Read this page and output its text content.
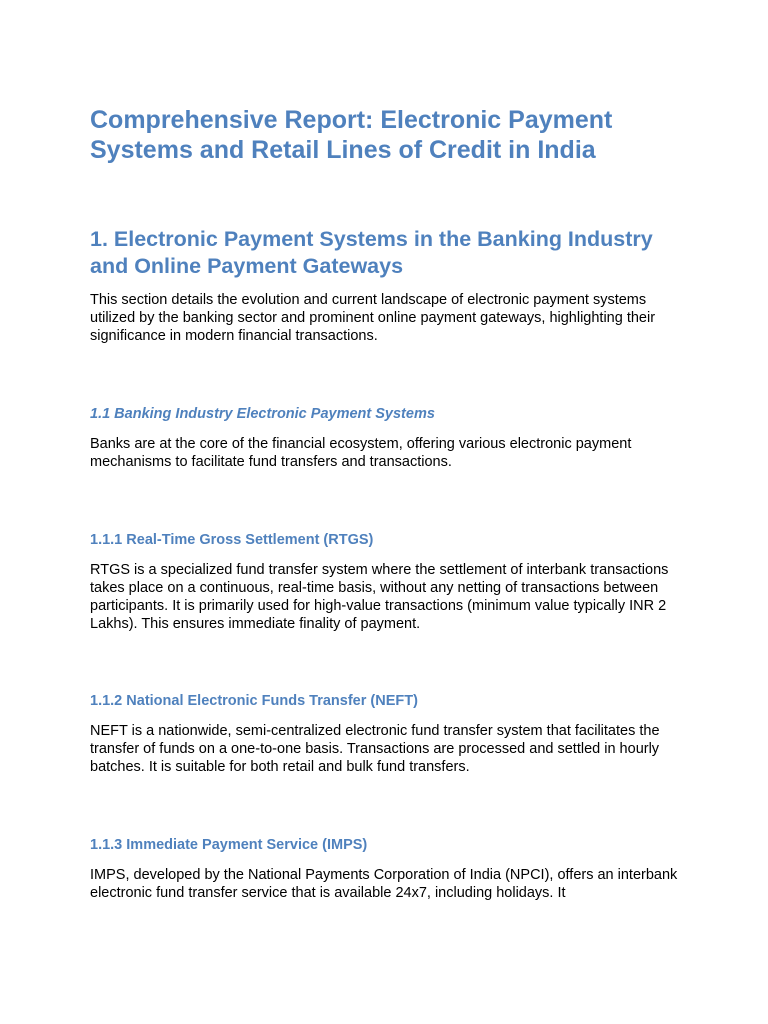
Comprehensive Report: Electronic Payment Systems and Retail Lines of Credit in India
1. Electronic Payment Systems in the Banking Industry and Online Payment Gateways

This section details the evolution and current landscape of electronic payment systems utilized by the banking sector and prominent online payment gateways, highlighting their significance in modern financial transactions.

1.1 Banking Industry Electronic Payment Systems

Banks are at the core of the financial ecosystem, offering various electronic payment mechanisms to facilitate fund transfers and transactions.

1.1.1 Real-Time Gross Settlement (RTGS)

RTGS is a specialized fund transfer system where the settlement of interbank transactions takes place on a continuous, real-time basis, without any netting of transactions between participants. It is primarily used for high-value transactions (minimum value typically INR 2 Lakhs). This ensures immediate finality of payment.

1.1.2 National Electronic Funds Transfer (NEFT)

NEFT is a nationwide, semi-centralized electronic fund transfer system that facilitates the transfer of funds on a one-to-one basis. Transactions are processed and settled in hourly batches. It is suitable for both retail and bulk fund transfers.

1.1.3 Immediate Payment Service (IMPS)

IMPS, developed by the National Payments Corporation of India (NPCI), offers an interbank electronic fund transfer service that is available 24x7, including holidays. It
